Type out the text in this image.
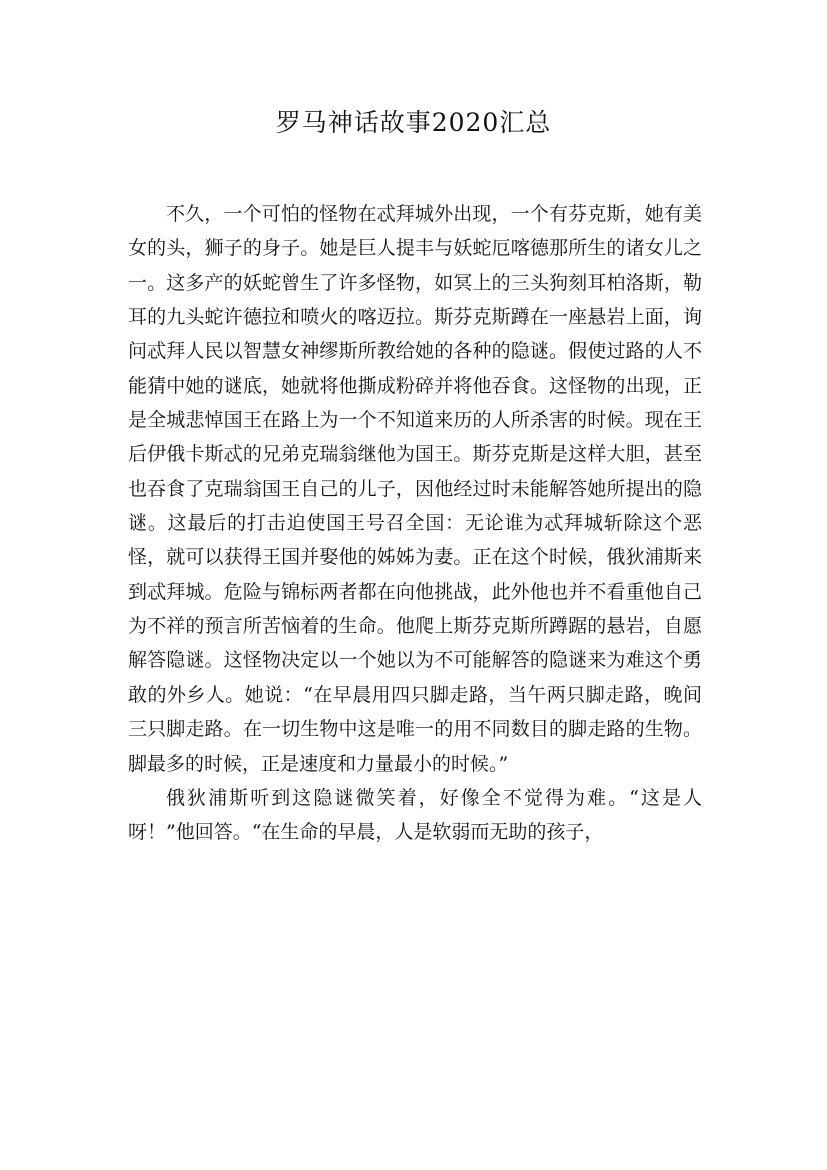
罗马神话故事2020汇总

不久，一个可怕的怪物在忒拜城外出现，一个有芬克斯，她有美女的头，狮子的身子。她是巨人提丰与妖蛇厄喀德那所生的诸女儿之一。这多产的妖蛇曾生了许多怪物，如冥上的三头狗刻耳柏洛斯，勒耳的九头蛇许德拉和喷火的喀迈拉。斯芬克斯蹲在一座悬岩上面，询问忒拜人民以智慧女神缪斯所教给她的各种的隐谜。假使过路的人不能猜中她的谜底，她就将他撕成粉碎并将他吞食。这怪物的出现，正是全城悲悼国王在路上为一个不知道来历的人所杀害的时候。现在王后伊俄卡斯忒的兄弟克瑞翁继他为国王。斯芬克斯是这样大胆，甚至也吞食了克瑞翁国王自己的儿子，因他经过时未能解答她所提出的隐谜。这最后的打击迫使国王号召全国：无论谁为忒拜城斩除这个恶怪，就可以获得王国并娶他的姊姊为妻。正在这个时候，俄狄浦斯来到忒拜城。危险与锦标两者都在向他挑战，此外他也并不看重他自己为不祥的预言所苦恼着的生命。他爬上斯芬克斯所蹲踞的悬岩，自愿解答隐谜。这怪物决定以一个她以为不可能解答的隐谜来为难这个勇敢的外乡人。她说：“在早晨用四只脚走路，当午两只脚走路，晚间三只脚走路。在一切生物中这是唯一的用不同数目的脚走路的生物。脚最多的时候，正是速度和力量最小的时候。”

俄狄浦斯听到这隐谜微笑着，好像全不觉得为难。“这是人呀！”他回答。“在生命的早晨，人是软弱而无助的孩子，
